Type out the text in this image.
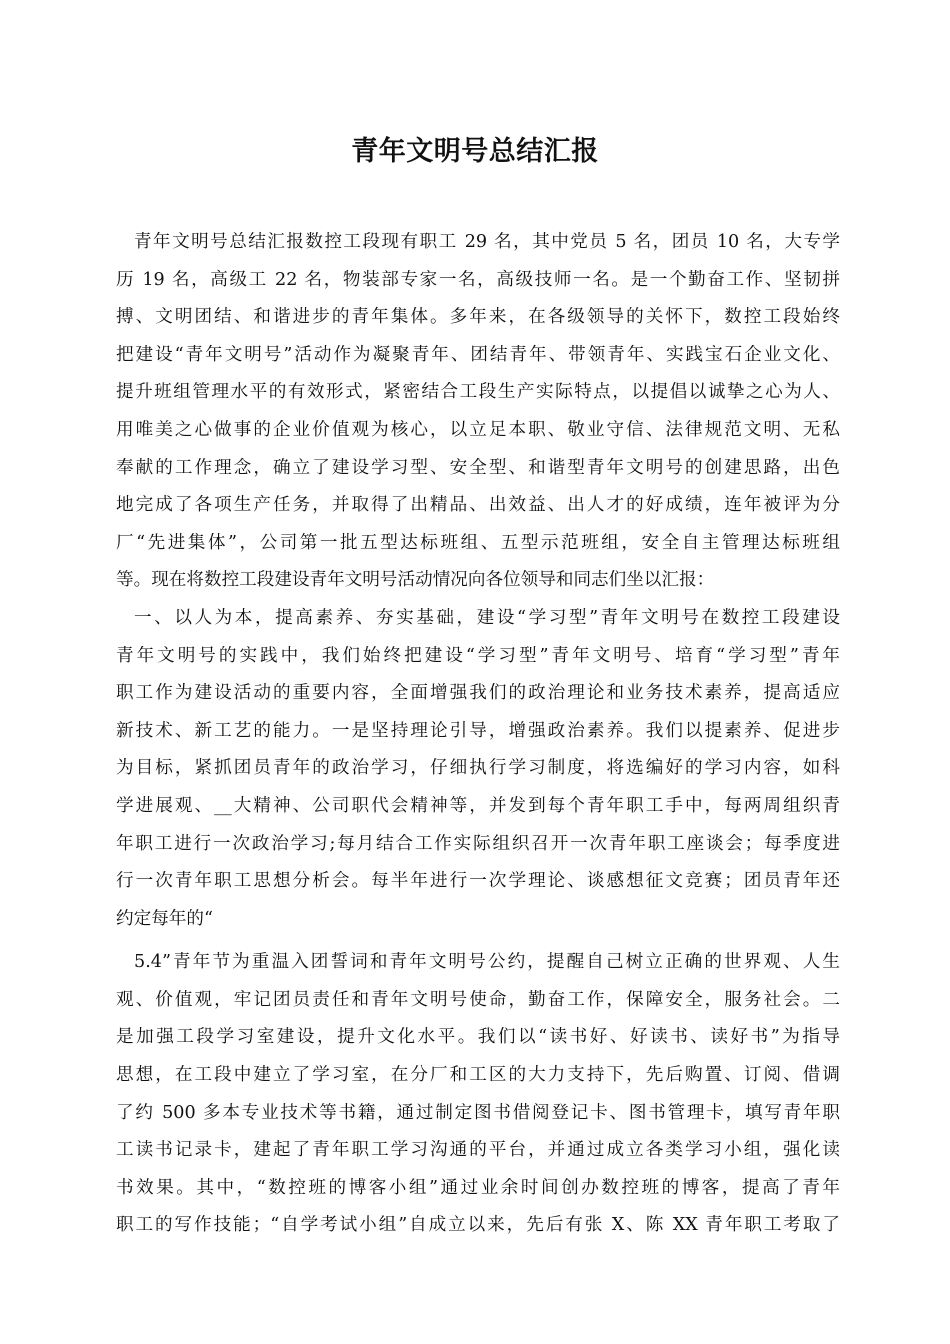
青年文明号总结汇报
青年文明号总结汇报数控工段现有职工 29 名，其中党员 5 名，团员 10 名，大专学
历 19 名，高级工 22 名，物装部专家一名，高级技师一名。是一个勤奋工作、坚韧拼
搏、文明团结、和谐进步的青年集体。多年来，在各级领导的关怀下，数控工段始终
把建设“青年文明号”活动作为凝聚青年、团结青年、带领青年、实践宝石企业文化、
提升班组管理水平的有效形式，紧密结合工段生产实际特点，以提倡以诚挚之心为人、
用唯美之心做事的企业价值观为核心，以立足本职、敬业守信、法律规范文明、无私
奉献的工作理念，确立了建设学习型、安全型、和谐型青年文明号的创建思路，出色
地完成了各项生产任务，并取得了出精品、出效益、出人才的好成绩，连年被评为分
厂“先进集体”，公司第一批五型达标班组、五型示范班组，安全自主管理达标班组
等。现在将数控工段建设青年文明号活动情况向各位领导和同志们坐以汇报：
一、以人为本，提高素养、夯实基础，建设“学习型”青年文明号在数控工段建设
青年文明号的实践中，我们始终把建设“学习型”青年文明号、培育“学习型”青年
职工作为建设活动的重要内容，全面增强我们的政治理论和业务技术素养，提高适应
新技术、新工艺的能力。一是坚持理论引导，增强政治素养。我们以提素养、促进步
为目标，紧抓团员青年的政治学习，仔细执行学习制度，将选编好的学习内容，如科
学进展观、__大精神、公司职代会精神等，并发到每个青年职工手中，每两周组织青
年职工进行一次政治学习;每月结合工作实际组织召开一次青年职工座谈会；每季度进
行一次青年职工思想分析会。每半年进行一次学理论、谈感想征文竞赛；团员青年还
约定每年的“
5.4”青年节为重温入团誓词和青年文明号公约，提醒自己树立正确的世界观、人生
观、价值观，牢记团员责任和青年文明号使命，勤奋工作，保障安全，服务社会。二
是加强工段学习室建设，提升文化水平。我们以“读书好、好读书、读好书”为指导
思想，在工段中建立了学习室，在分厂和工区的大力支持下，先后购置、订阅、借调
了约 500 多本专业技术等书籍，通过制定图书借阅登记卡、图书管理卡，填写青年职
工读书记录卡，建起了青年职工学习沟通的平台，并通过成立各类学习小组，强化读
书效果。其中，“数控班的博客小组”通过业余时间创办数控班的博客，提高了青年
职工的写作技能；“自学考试小组”自成立以来，先后有张 X、陈 XX 青年职工考取了
